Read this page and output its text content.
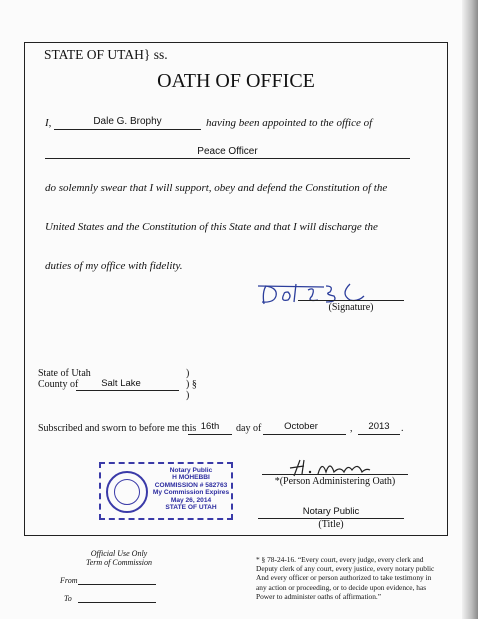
STATE OF UTAH} ss.
OATH OF OFFICE
I,	Dale G. Brophy	having been appointed to the office of
Peace Officer
do solemnly swear that I will support, obey and defend the Constitution of the
United States and the Constitution of this State and that I will discharge the
duties of my office with fidelity.
(Signature)
State of Utah
County of	Salt Lake
)
) §
)
Subscribed and sworn to before me this 16th	day of	October	,	2013	.
Notary Public
H MOHEBBI
COMMISSION # 582763
My Commission Expires
May 26, 2014
STATE OF UTAH
*(Person Administering Oath)
Notary Public
(Title)
Official Use Only
Term of Commission
From
To
* § 78-24-16. “Every court, every judge, every clerk and
Deputy clerk of any court, every justice, every notary public
And every officer or person authorized to take testimony in
any action or proceeding, or to decide upon evidence, has
Power to administer oaths of affirmation.”
